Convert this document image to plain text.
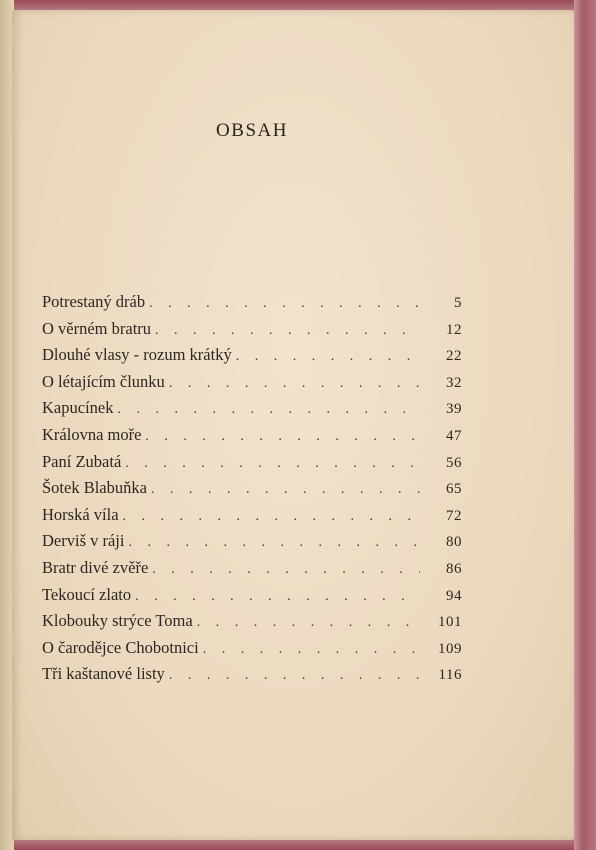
OBSAH
Potrestaný dráb . . .	5
O věrném bratru . . .	12
Dlouhé vlasy - rozum krátký . . .	22
O létajícím člunku . . .	32
Kapucínek . . .	39
Královna moře . . .	47
Paní Zubatá . . .	56
Šotek Blabuňka . . .	65
Horská víla . . .	72
Derviš v ráji . . .	80
Bratr divé zvěře . . .	86
Tekoucí zlato . . .	94
Klobouky strýce Toma . . .	101
O čarodějce Chobotnici . . .	109
Tři kaštanové listy . . .	116
